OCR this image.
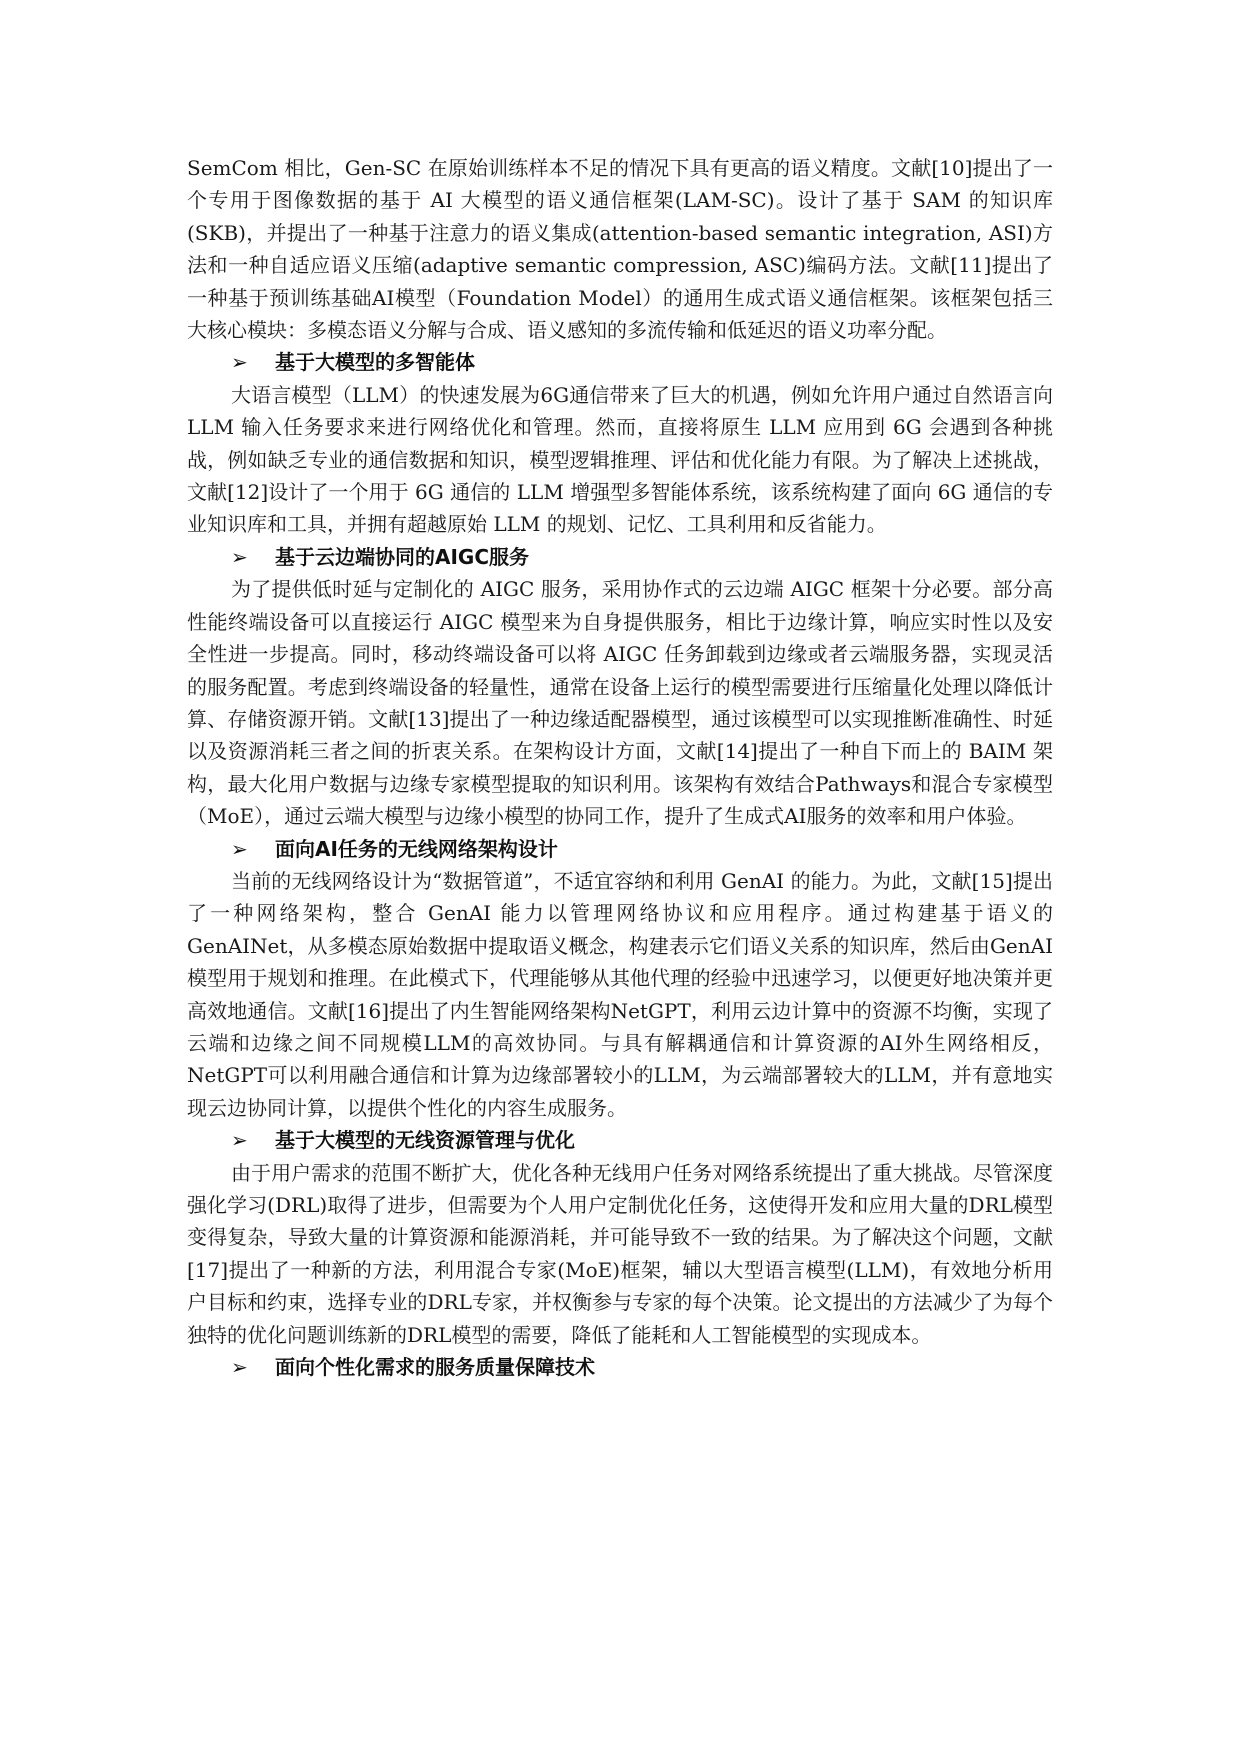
SemCom 相比，Gen-SC 在原始训练样本不足的情况下具有更高的语义精度。文献[10]提出了一个专用于图像数据的基于 AI 大模型的语义通信框架(LAM-SC)。设计了基于 SAM 的知识库(SKB)，并提出了一种基于注意力的语义集成(attention-based semantic integration, ASI)方法和一种自适应语义压缩(adaptive semantic compression, ASC)编码方法。文献[11]提出了一种基于预训练基础AI模型（Foundation Model）的通用生成式语义通信框架。该框架包括三大核心模块：多模态语义分解与合成、语义感知的多流传输和低延迟的语义功率分配。

➢ 基于大模型的多智能体

大语言模型（LLM）的快速发展为6G通信带来了巨大的机遇，例如允许用户通过自然语言向 LLM 输入任务要求来进行网络优化和管理。然而，直接将原生 LLM 应用到 6G 会遇到各种挑战，例如缺乏专业的通信数据和知识，模型逻辑推理、评估和优化能力有限。为了解决上述挑战，文献[12]设计了一个用于 6G 通信的 LLM 增强型多智能体系统，该系统构建了面向 6G 通信的专业知识库和工具，并拥有超越原始 LLM 的规划、记忆、工具利用和反省能力。

➢ 基于云边端协同的AIGC服务

为了提供低时延与定制化的 AIGC 服务，采用协作式的云边端 AIGC 框架十分必要。部分高性能终端设备可以直接运行 AIGC 模型来为自身提供服务，相比于边缘计算，响应实时性以及安全性进一步提高。同时，移动终端设备可以将 AIGC 任务卸载到边缘或者云端服务器，实现灵活的服务配置。考虑到终端设备的轻量性，通常在设备上运行的模型需要进行压缩量化处理以降低计算、存储资源开销。文献[13]提出了一种边缘适配器模型，通过该模型可以实现推断准确性、时延以及资源消耗三者之间的折衷关系。在架构设计方面，文献[14]提出了一种自下而上的 BAIM 架构，最大化用户数据与边缘专家模型提取的知识利用。该架构有效结合Pathways和混合专家模型（MoE），通过云端大模型与边缘小模型的协同工作，提升了生成式AI服务的效率和用户体验。

➢ 面向AI任务的无线网络架构设计

当前的无线网络设计为“数据管道”，不适宜容纳和利用 GenAI 的能力。为此，文献[15]提出了一种网络架构，整合 GenAI 能力以管理网络协议和应用程序。通过构建基于语义的GenAINet，从多模态原始数据中提取语义概念，构建表示它们语义关系的知识库，然后由GenAI模型用于规划和推理。在此模式下，代理能够从其他代理的经验中迅速学习，以便更好地决策并更高效地通信。文献[16]提出了内生智能网络架构NetGPT，利用云边计算中的资源不均衡，实现了云端和边缘之间不同规模LLM的高效协同。与具有解耦通信和计算资源的AI外生网络相反，NetGPT可以利用融合通信和计算为边缘部署较小的LLM，为云端部署较大的LLM，并有意地实现云边协同计算，以提供个性化的内容生成服务。

➢ 基于大模型的无线资源管理与优化

由于用户需求的范围不断扩大，优化各种无线用户任务对网络系统提出了重大挑战。尽管深度强化学习(DRL)取得了进步，但需要为个人用户定制优化任务，这使得开发和应用大量的DRL模型变得复杂，导致大量的计算资源和能源消耗，并可能导致不一致的结果。为了解决这个问题，文献[17]提出了一种新的方法，利用混合专家(MoE)框架，辅以大型语言模型(LLM)，有效地分析用户目标和约束，选择专业的DRL专家，并权衡参与专家的每个决策。论文提出的方法减少了为每个独特的优化问题训练新的DRL模型的需要，降低了能耗和人工智能模型的实现成本。

➢ 面向个性化需求的服务质量保障技术
